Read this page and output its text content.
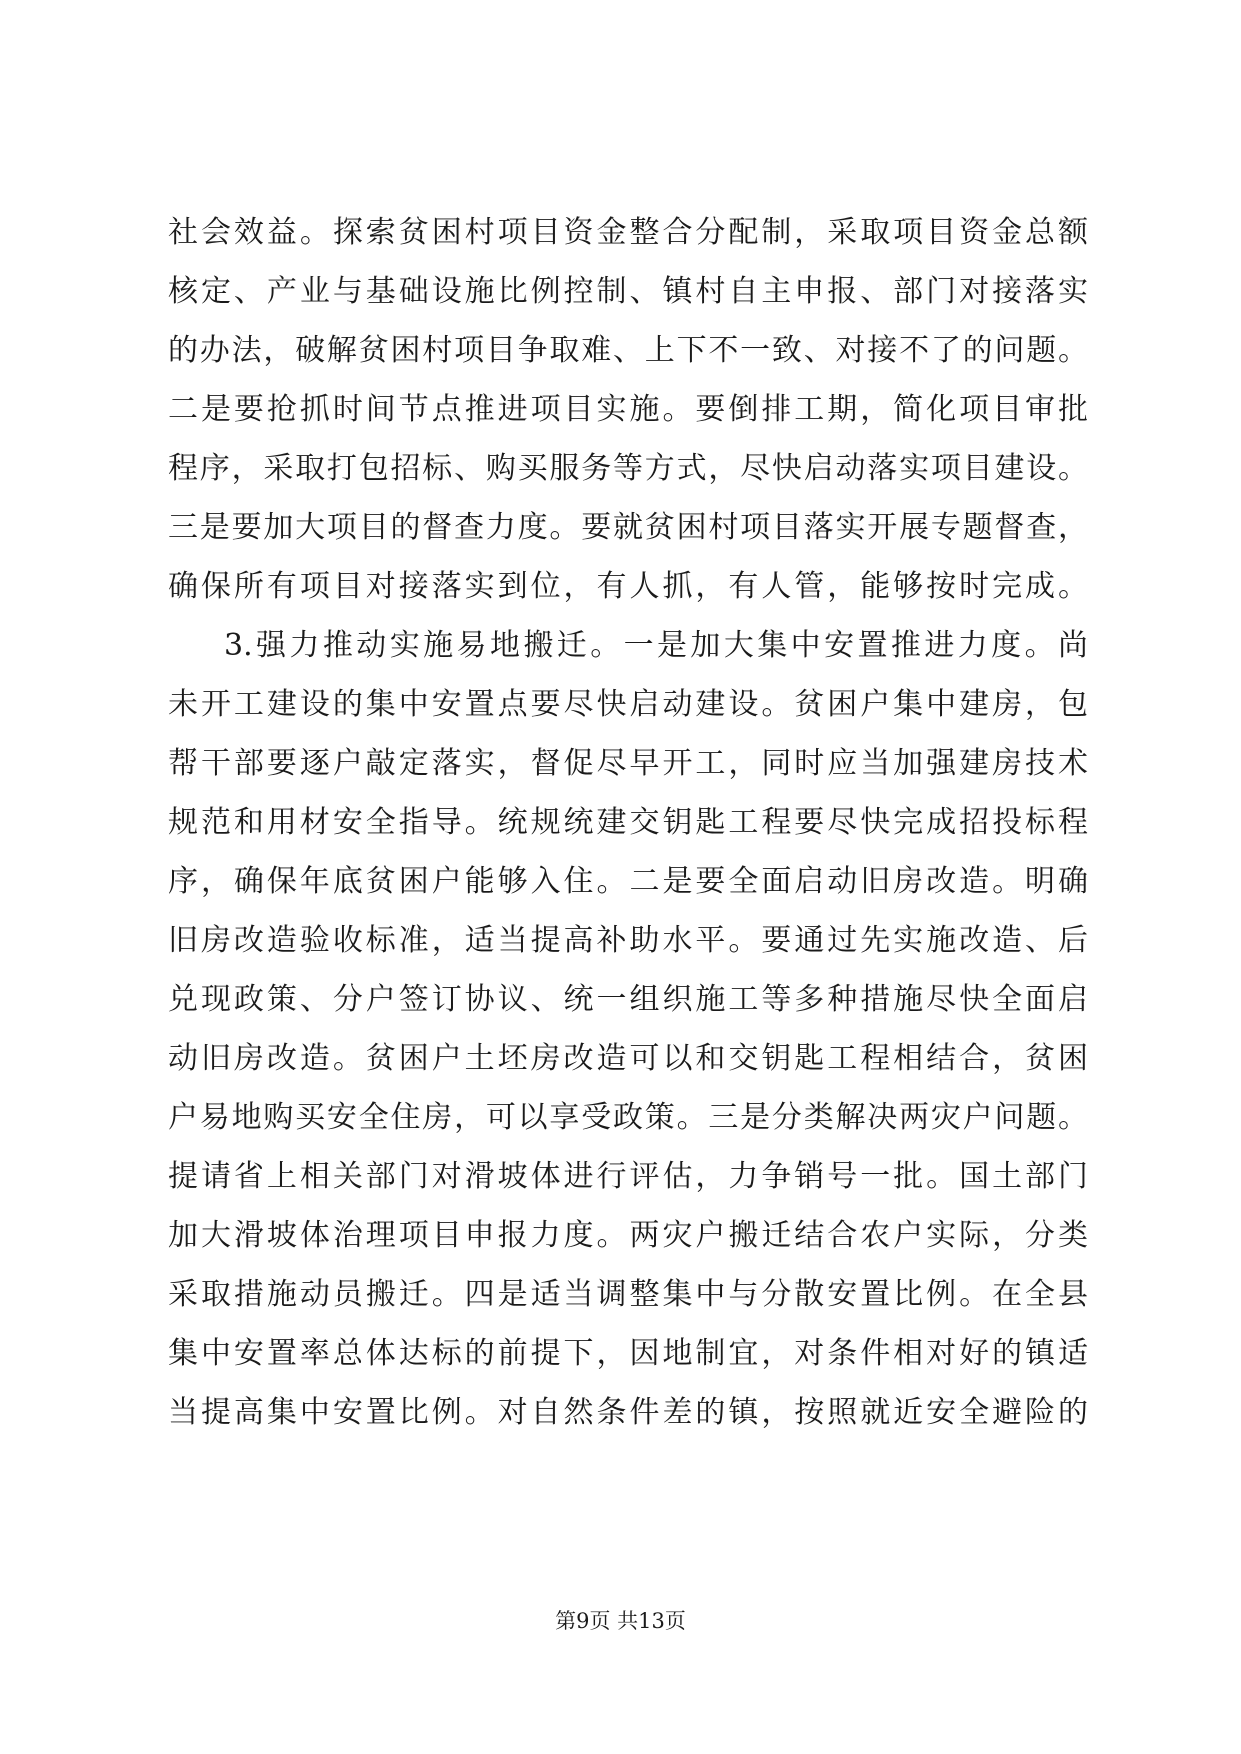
社会效益。探索贫困村项目资金整合分配制，采取项目资金总额
核定、产业与基础设施比例控制、镇村自主申报、部门对接落实
的办法，破解贫困村项目争取难、上下不一致、对接不了的问题。
二是要抢抓时间节点推进项目实施。要倒排工期，简化项目审批
程序，采取打包招标、购买服务等方式，尽快启动落实项目建设。
三是要加大项目的督查力度。要就贫困村项目落实开展专题督查，
确保所有项目对接落实到位，有人抓，有人管，能够按时完成。
3.强力推动实施易地搬迁。一是加大集中安置推进力度。尚
未开工建设的集中安置点要尽快启动建设。贫困户集中建房，包
帮干部要逐户敲定落实，督促尽早开工，同时应当加强建房技术
规范和用材安全指导。统规统建交钥匙工程要尽快完成招投标程
序，确保年底贫困户能够入住。二是要全面启动旧房改造。明确
旧房改造验收标准，适当提高补助水平。要通过先实施改造、后
兑现政策、分户签订协议、统一组织施工等多种措施尽快全面启
动旧房改造。贫困户土坯房改造可以和交钥匙工程相结合，贫困
户易地购买安全住房，可以享受政策。三是分类解决两灾户问题。
提请省上相关部门对滑坡体进行评估，力争销号一批。国土部门
加大滑坡体治理项目申报力度。两灾户搬迁结合农户实际，分类
采取措施动员搬迁。四是适当调整集中与分散安置比例。在全县
集中安置率总体达标的前提下，因地制宜，对条件相对好的镇适
当提高集中安置比例。对自然条件差的镇，按照就近安全避险的
第9页 共13页
